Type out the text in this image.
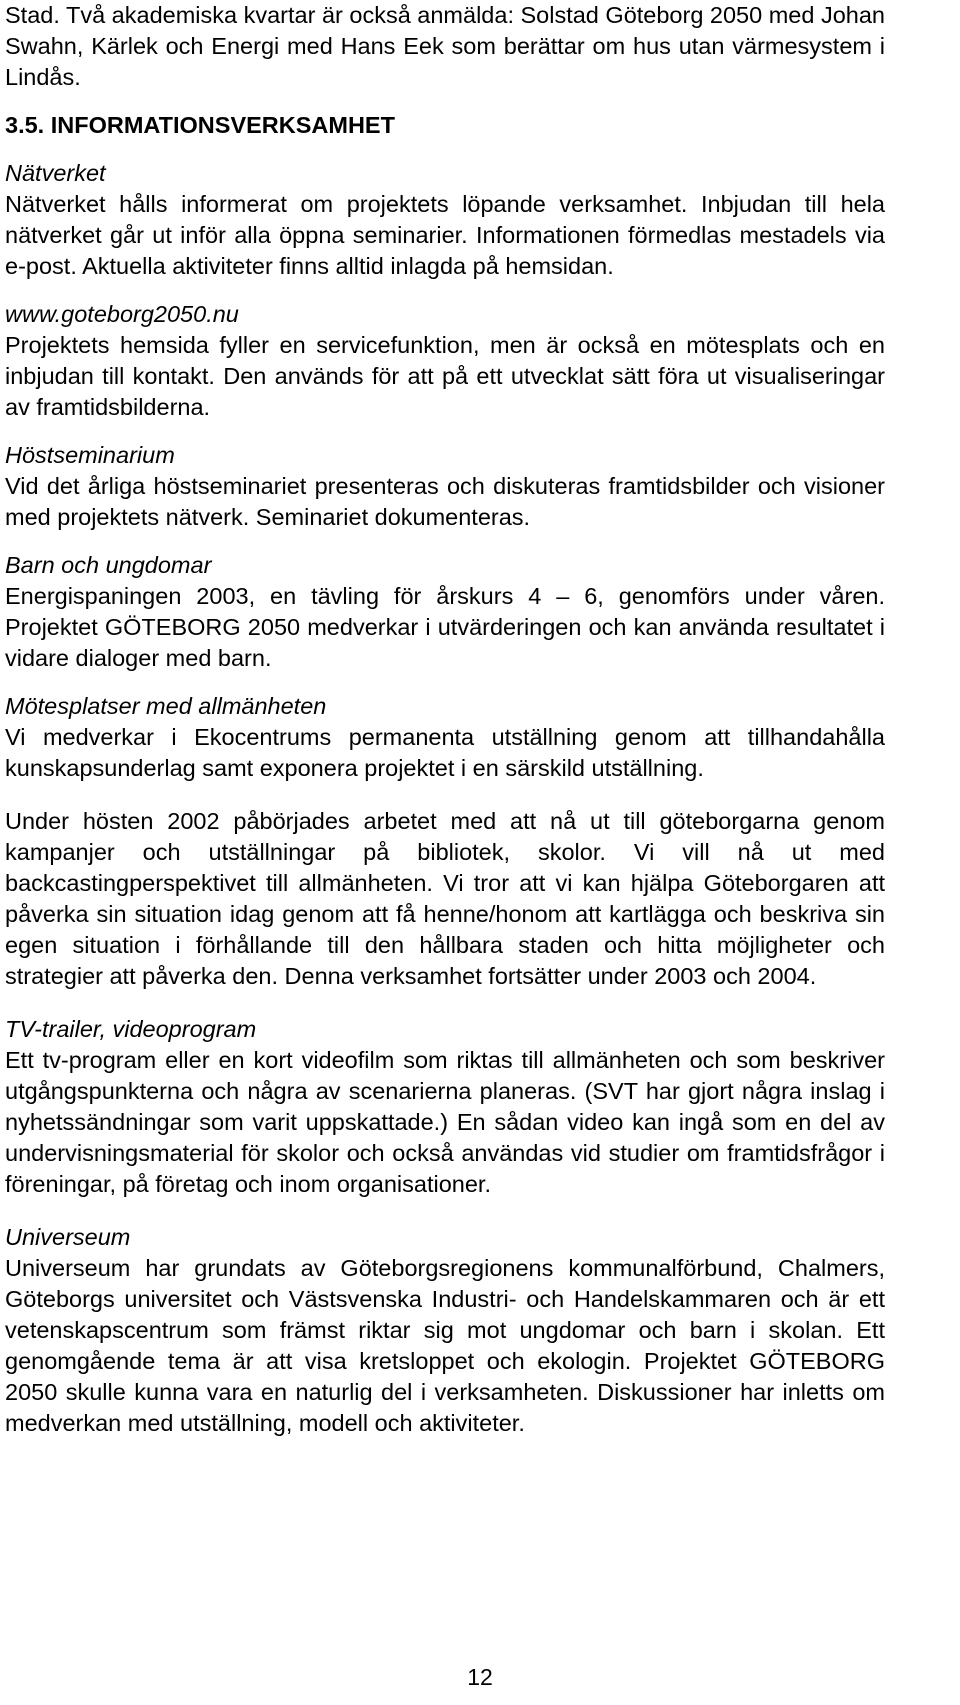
Stad. Två akademiska kvartar är också anmälda: Solstad Göteborg 2050 med Johan Swahn, Kärlek och Energi med Hans Eek som berättar om hus utan värmesystem i Lindås.

3.5. INFORMATIONSVERKSAMHET

Nätverket

Nätverket hålls informerat om projektets löpande verksamhet. Inbjudan till hela nätverket går ut inför alla öppna seminarier. Informationen förmedlas mestadels via e-post. Aktuella aktiviteter finns alltid inlagda på hemsidan.

www.goteborg2050.nu

Projektets hemsida fyller en servicefunktion, men är också en mötesplats och en inbjudan till kontakt. Den används för att på ett utvecklat sätt föra ut visualiseringar av framtidsbilderna.

Höstseminarium

Vid det årliga höstseminariet presenteras och diskuteras framtidsbilder och visioner med projektets nätverk. Seminariet dokumenteras.

Barn och ungdomar

Energispaningen 2003, en tävling för årskurs 4 – 6, genomförs under våren. Projektet GÖTEBORG 2050 medverkar i utvärderingen och kan använda resultatet i vidare dialoger med barn.

Mötesplatser med allmänheten

Vi medverkar i Ekocentrums permanenta utställning genom att tillhandahålla kunskapsunderlag samt exponera projektet i en särskild utställning.

Under hösten 2002 påbörjades arbetet med att nå ut till göteborgarna genom kampanjer och utställningar på bibliotek, skolor. Vi vill nå ut med backcastingperspektivet till allmänheten. Vi tror att vi kan hjälpa Göteborgaren att påverka sin situation idag genom att få henne/honom att kartlägga och beskriva sin egen situation i förhållande till den hållbara staden och hitta möjligheter och strategier att påverka den. Denna verksamhet fortsätter under 2003 och 2004.

TV-trailer, videoprogram

Ett tv-program eller en kort videofilm som riktas till allmänheten och som beskriver utgångspunkterna och några av scenarierna planeras. (SVT har gjort några inslag i nyhetssändningar som varit uppskattade.) En sådan video kan ingå som en del av undervisningsmaterial för skolor och också användas vid studier om framtidsfrågor i föreningar, på företag och inom organisationer.

Universeum

Universeum har grundats av Göteborgsregionens kommunalförbund, Chalmers, Göteborgs universitet och Västsvenska Industri- och Handelskammaren och är ett vetenskapscentrum som främst riktar sig mot ungdomar och barn i skolan. Ett genomgående tema är att visa kretsloppet och ekologin. Projektet GÖTEBORG 2050 skulle kunna vara en naturlig del i verksamheten. Diskussioner har inletts om medverkan med utställning, modell och aktiviteter.

12
